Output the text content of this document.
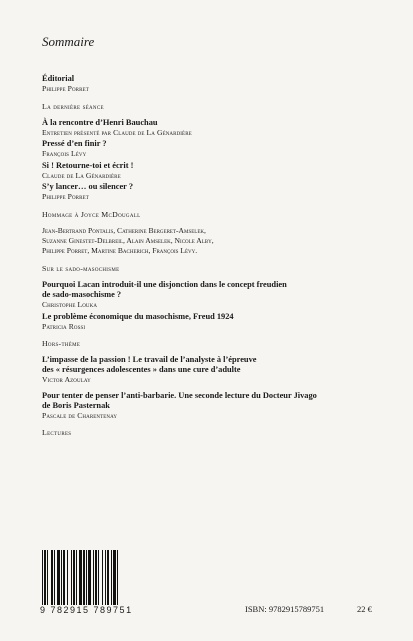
Sommaire
Éditorial
Philippe Porret
La dernière séance
À la rencontre d’Henri Bauchau
Entretien présenté par Claude de La Génardière
Pressé d’en finir ?
François Lévy
Si ! Retourne-toi et écrit !
Claude de La Génardière
S’y lancer… ou silencer ?
Philippe Porret
Hommage à Joyce McDougall
Jean-Bertrand Pontalis, Catherine Bergeret-Amselek,
Suzanne Ginestet-Delbreil, Alain Amselek, Nicole Alby,
Philippe Porret, Martine Bacherich, François Lévy.
Sur le sado-masochisme
Pourquoi Lacan introduit-il une disjonction dans le concept freudien
de sado-masochisme ?
Christophe Louka
Le problème économique du masochisme, Freud 1924
Patricia Rossi
Hors-thème
L’impasse de la passion ! Le travail de l’analyste à l’épreuve
des « résurgences adolescentes » dans une cure d’adulte
Victor Azoulay
Pour tenter de penser l’anti-barbarie. Une seconde lecture du Docteur Jivago
de Boris Pasternak
Pascale de Charentenay
Lectures
9 782915 789751	ISBN: 9782915789751	22 €
